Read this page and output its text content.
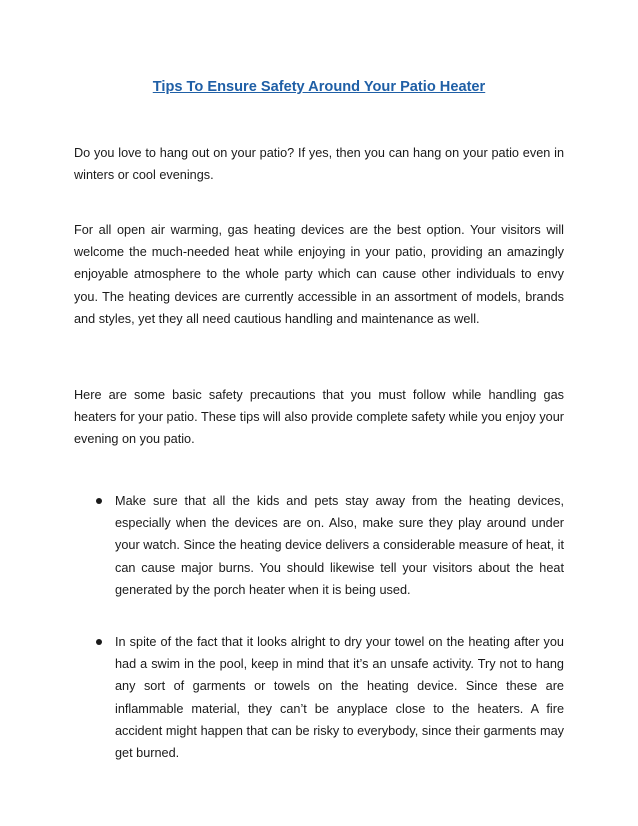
Tips To Ensure Safety Around Your Patio Heater

Do you love to hang out on your patio? If yes, then you can hang on your patio even in winters or cool evenings.

For all open air warming, gas heating devices are the best option. Your visitors will welcome the much-needed heat while enjoying in your patio, providing an amazingly enjoyable atmosphere to the whole party which can cause other individuals to envy you. The heating devices are currently accessible in an assortment of models, brands and styles, yet they all need cautious handling and maintenance as well.

Here are some basic safety precautions that you must follow while handling gas heaters for your patio. These tips will also provide complete safety while you enjoy your evening on you patio.

Make sure that all the kids and pets stay away from the heating devices, especially when the devices are on. Also, make sure they play around under your watch. Since the heating device delivers a considerable measure of heat, it can cause major burns. You should likewise tell your visitors about the heat generated by the porch heater when it is being used.
In spite of the fact that it looks alright to dry your towel on the heating after you had a swim in the pool, keep in mind that it’s an unsafe activity. Try not to hang any sort of garments or towels on the heating device. Since these are inflammable material, they can’t be anyplace close to the heaters. A fire accident might happen that can be risky to everybody, since their garments may get burned.
